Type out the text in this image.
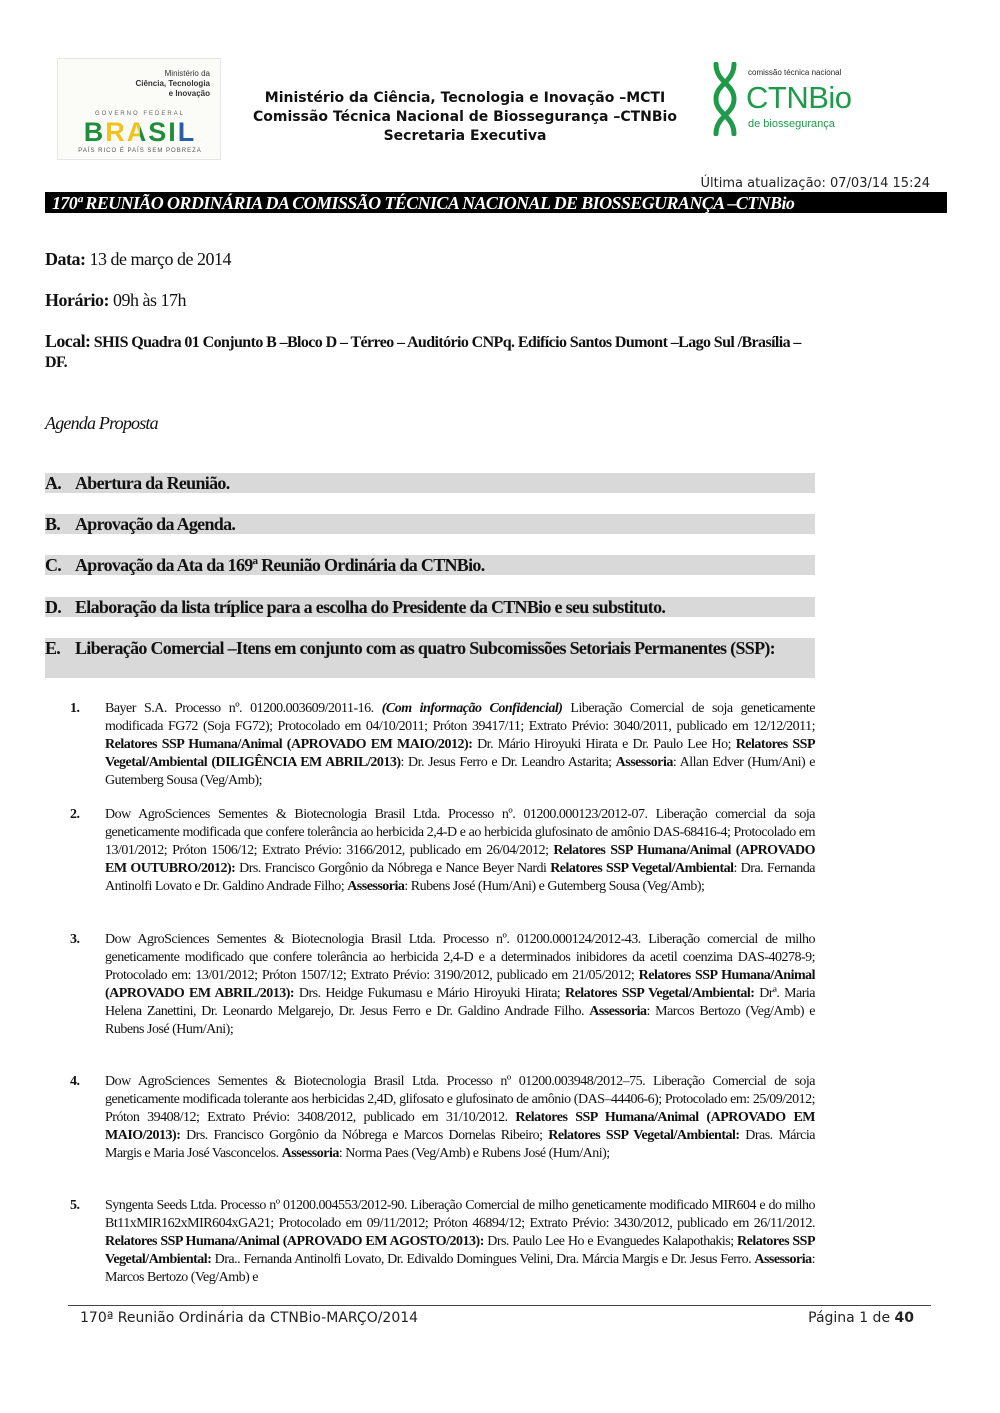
Ministério da
Ciência, Tecnologia
e Inovação
GOVERNO FEDERAL
BRASIL
PAÍS RICO É PAÍS SEM POBREZA
Ministério da Ciência, Tecnologia e Inovação –MCTI
Comissão Técnica Nacional de Biossegurança –CTNBio
Secretaria Executiva
comissão técnica nacional
CTNBio
de biossegurança
Última atualização: 07/03/14 15:24
170ª REUNIÃO ORDINÁRIA DA COMISSÃO TÉCNICA NACIONAL DE BIOSSEGURANÇA –CTNBio
Data: 13 de março de 2014
Horário: 09h às 17h
Local: SHIS Quadra 01 Conjunto B –Bloco D – Térreo – Auditório CNPq. Edifício Santos Dumont –Lago Sul /Brasília – DF.
Agenda Proposta
A. Abertura da Reunião.
B. Aprovação da Agenda.
C. Aprovação da Ata da 169ª Reunião Ordinária da CTNBio.
D. Elaboração da lista tríplice para a escolha do Presidente da CTNBio e seu substituto.
E. Liberação Comercial –Itens em conjunto com as quatro Subcomissões Setoriais Permanentes (SSP):
1. Bayer S.A. Processo nº. 01200.003609/2011-16. (Com informação Confidencial) Liberação Comercial de soja geneticamente modificada FG72 (Soja FG72); Protocolado em 04/10/2011; Próton 39417/11; Extrato Prévio: 3040/2011, publicado em 12/12/2011; Relatores SSP Humana/Animal (APROVADO EM MAIO/2012): Dr. Mário Hiroyuki Hirata e Dr. Paulo Lee Ho; Relatores SSP Vegetal/Ambiental (DILIGÊNCIA EM ABRIL/2013): Dr. Jesus Ferro e Dr. Leandro Astarita; Assessoria: Allan Edver (Hum/Ani) e Gutemberg Sousa (Veg/Amb);
2. Dow AgroSciences Sementes & Biotecnologia Brasil Ltda. Processo nº. 01200.000123/2012-07. Liberação comercial da soja geneticamente modificada que confere tolerância ao herbicida 2,4-D e ao herbicida glufosinato de amônio DAS-68416-4; Protocolado em 13/01/2012; Próton 1506/12; Extrato Prévio: 3166/2012, publicado em 26/04/2012; Relatores SSP Humana/Animal (APROVADO EM OUTUBRO/2012): Drs. Francisco Gorgônio da Nóbrega e Nance Beyer Nardi Relatores SSP Vegetal/Ambiental: Dra. Fernanda Antinolfi Lovato e Dr. Galdino Andrade Filho; Assessoria: Rubens José (Hum/Ani) e Gutemberg Sousa (Veg/Amb);
3. Dow AgroSciences Sementes & Biotecnologia Brasil Ltda. Processo nº. 01200.000124/2012-43. Liberação comercial de milho geneticamente modificado que confere tolerância ao herbicida 2,4-D e a determinados inibidores da acetil coenzima DAS-40278-9; Protocolado em: 13/01/2012; Próton 1507/12; Extrato Prévio: 3190/2012, publicado em 21/05/2012; Relatores SSP Humana/Animal (APROVADO EM ABRIL/2013): Drs. Heidge Fukumasu e Mário Hiroyuki Hirata; Relatores SSP Vegetal/Ambiental: Drª. Maria Helena Zanettini, Dr. Leonardo Melgarejo, Dr. Jesus Ferro e Dr. Galdino Andrade Filho. Assessoria: Marcos Bertozo (Veg/Amb) e Rubens José (Hum/Ani);
4. Dow AgroSciences Sementes & Biotecnologia Brasil Ltda. Processo nº 01200.003948/2012–75. Liberação Comercial de soja geneticamente modificada tolerante aos herbicidas 2,4D, glifosato e glufosinato de amônio (DAS–44406-6); Protocolado em: 25/09/2012; Próton 39408/12; Extrato Prévio: 3408/2012, publicado em 31/10/2012. Relatores SSP Humana/Animal (APROVADO EM MAIO/2013): Drs. Francisco Gorgônio da Nóbrega e Marcos Dornelas Ribeiro; Relatores SSP Vegetal/Ambiental: Dras. Márcia Margis e Maria José Vasconcelos. Assessoria: Norma Paes (Veg/Amb) e Rubens José (Hum/Ani);
5. Syngenta Seeds Ltda. Processo nº 01200.004553/2012-90. Liberação Comercial de milho geneticamente modificado MIR604 e do milho Bt11xMIR162xMIR604xGA21; Protocolado em 09/11/2012; Próton 46894/12; Extrato Prévio: 3430/2012, publicado em 26/11/2012. Relatores SSP Humana/Animal (APROVADO EM AGOSTO/2013): Drs. Paulo Lee Ho e Evanguedes Kalapothakis; Relatores SSP Vegetal/Ambiental: Dra.. Fernanda Antinolfi Lovato, Dr. Edivaldo Domingues Velini, Dra. Márcia Margis e Dr. Jesus Ferro. Assessoria: Marcos Bertozo (Veg/Amb) e
170ª Reunião Ordinária da CTNBio-MARÇO/2014	Página 1 de 40
